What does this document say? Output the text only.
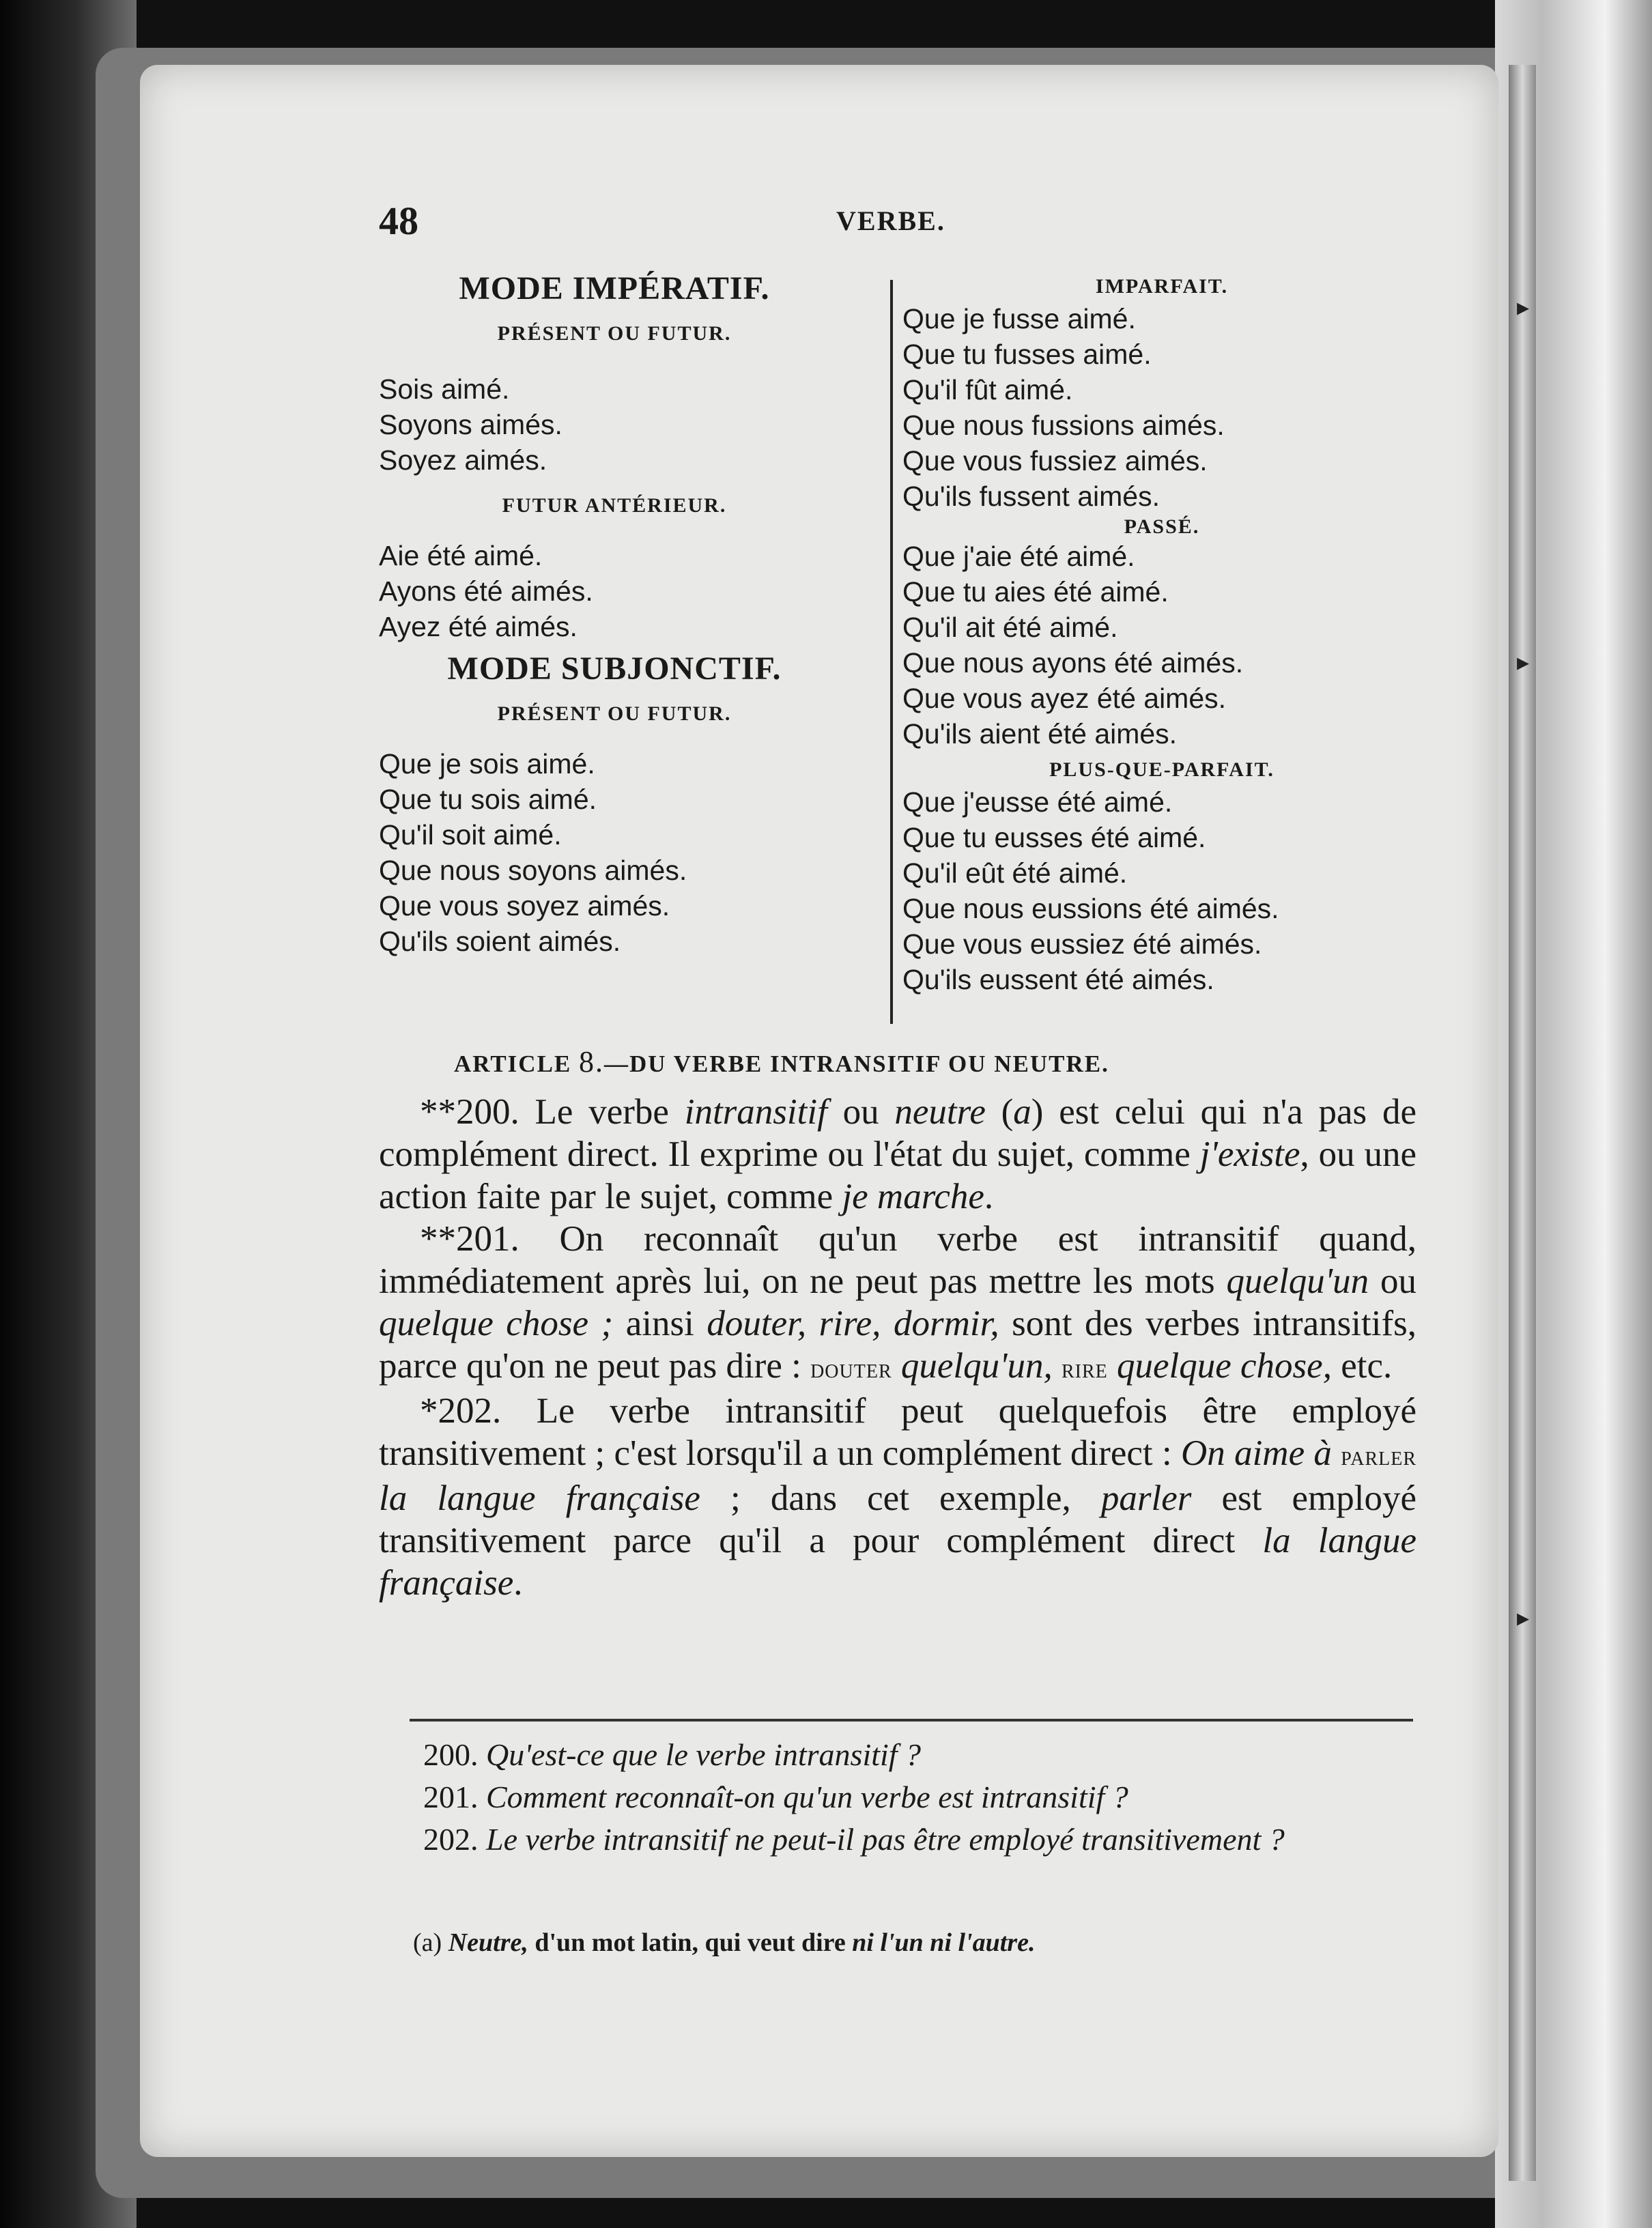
48	VERBE.

MODE IMPÉRATIF.

PRÉSENT OU FUTUR.

Sois aimé.

Soyons aimés.

Soyez aimés.

FUTUR ANTÉRIEUR.

Aie été aimé.

Ayons été aimés.

Ayez été aimés.

MODE SUBJONCTIF.

PRÉSENT OU FUTUR.

Que je sois aimé.

Que tu sois aimé.

Qu'il soit aimé.

Que nous soyons aimés.

Que vous soyez aimés.

Qu'ils soient aimés.

IMPARFAIT.

Que je fusse aimé.

Que tu fusses aimé.

Qu'il fût aimé.

Que nous fussions aimés.

Que vous fussiez aimés.

Qu'ils fussent aimés.

PASSÉ.

Que j'aie été aimé.

Que tu aies été aimé.

Qu'il ait été aimé.

Que nous ayons été aimés.

Que vous ayez été aimés.

Qu'ils aient été aimés.

PLUS-QUE-PARFAIT.

Que j'eusse été aimé.

Que tu eusses été aimé.

Qu'il eût été aimé.

Que nous eussions été aimés.

Que vous eussiez été aimés.

Qu'ils eussent été aimés.

ARTICLE 8.—DU VERBE INTRANSITIF OU NEUTRE.

**200. Le verbe intransitif ou neutre (a) est celui qui n'a pas de complément direct. Il exprime ou l'état du sujet, comme j'existe, ou une action faite par le sujet, comme je marche.

**201. On reconnaît qu'un verbe est intransitif quand, immédiatement après lui, on ne peut pas mettre les mots quelqu'un ou quelque chose ; ainsi douter, rire, dormir, sont des verbes intransitifs, parce qu'on ne peut pas dire : douter quelqu'un, rire quelque chose, etc.

*202. Le verbe intransitif peut quelquefois être employé transitivement ; c'est lorsqu'il a un complément direct : On aime à parler la langue française ; dans cet exemple, parler est employé transitivement parce qu'il a pour complément direct la langue française.

200. Qu'est-ce que le verbe intransitif ?

201. Comment reconnaît-on qu'un verbe est intransitif ?

202. Le verbe intransitif ne peut-il pas être employé transitivement ?

(a) Neutre, d'un mot latin, qui veut dire ni l'un ni l'autre.
▸
▸
▸
